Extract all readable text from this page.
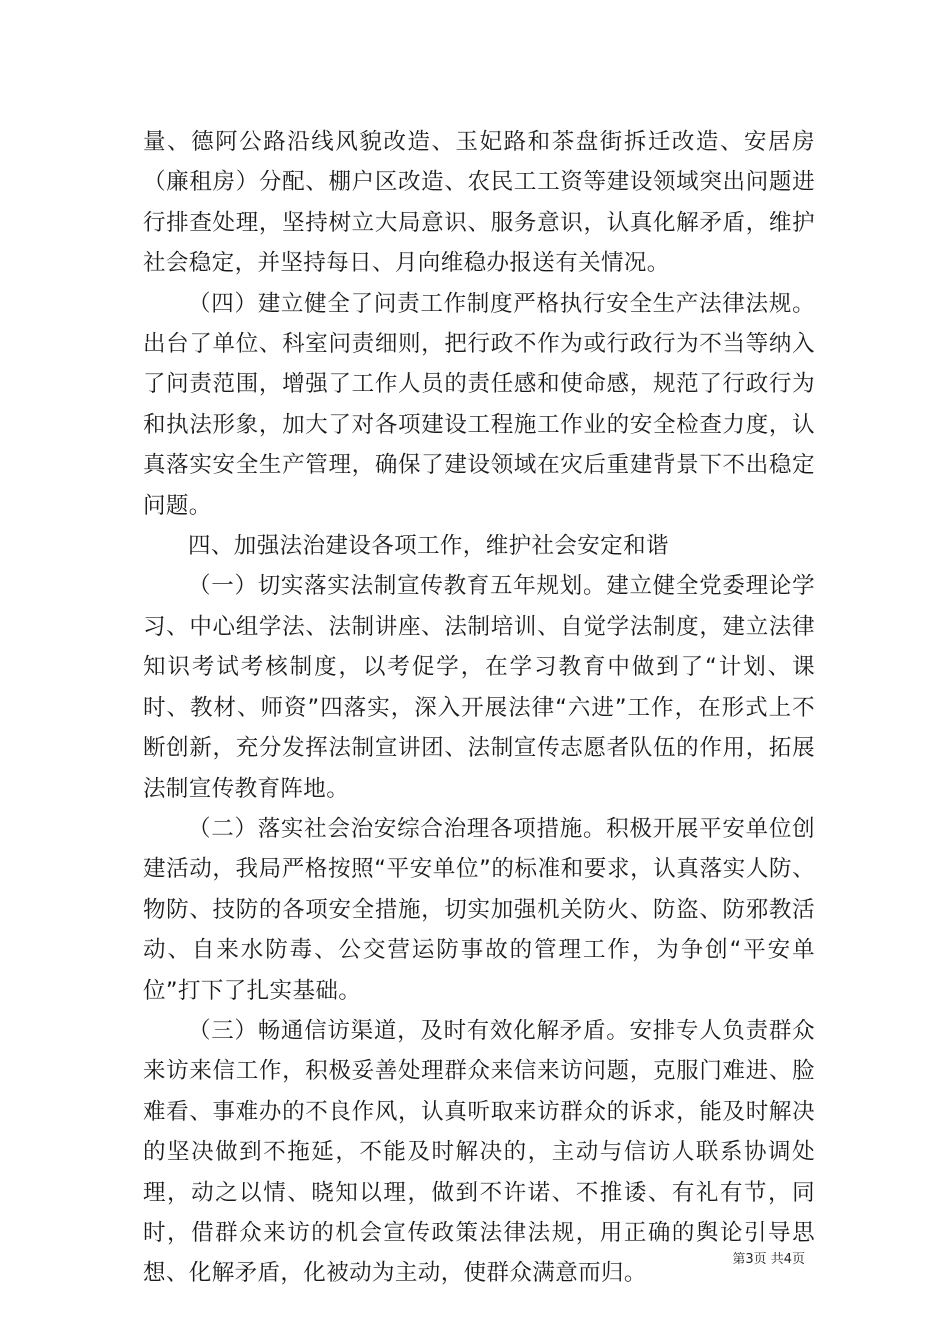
量、德阿公路沿线风貌改造、玉妃路和茶盘街拆迁改造、安居房（廉租房）分配、棚户区改造、农民工工资等建设领域突出问题进行排查处理，坚持树立大局意识、服务意识，认真化解矛盾，维护社会稳定，并坚持每日、月向维稳办报送有关情况。

（四）建立健全了问责工作制度严格执行安全生产法律法规。出台了单位、科室问责细则，把行政不作为或行政行为不当等纳入了问责范围，增强了工作人员的责任感和使命感，规范了行政行为和执法形象，加大了对各项建设工程施工作业的安全检查力度，认真落实安全生产管理，确保了建设领域在灾后重建背景下不出稳定问题。

四、加强法治建设各项工作，维护社会安定和谐

（一）切实落实法制宣传教育五年规划。建立健全党委理论学习、中心组学法、法制讲座、法制培训、自觉学法制度，建立法律知识考试考核制度，以考促学，在学习教育中做到了“计划、课时、教材、师资”四落实，深入开展法律“六进”工作，在形式上不断创新，充分发挥法制宣讲团、法制宣传志愿者队伍的作用，拓展法制宣传教育阵地。

（二）落实社会治安综合治理各项措施。积极开展平安单位创建活动，我局严格按照“平安单位”的标准和要求，认真落实人防、物防、技防的各项安全措施，切实加强机关防火、防盗、防邪教活动、自来水防毒、公交营运防事故的管理工作，为争创“平安单位”打下了扎实基础。

（三）畅通信访渠道，及时有效化解矛盾。安排专人负责群众来访来信工作，积极妥善处理群众来信来访问题，克服门难进、脸难看、事难办的不良作风，认真听取来访群众的诉求，能及时解决的坚决做到不拖延，不能及时解决的，主动与信访人联系协调处理，动之以情、晓知以理，做到不许诺、不推诿、有礼有节，同时，借群众来访的机会宣传政策法律法规，用正确的舆论引导思想、化解矛盾，化被动为主动，使群众满意而归。

第3页 共4页
